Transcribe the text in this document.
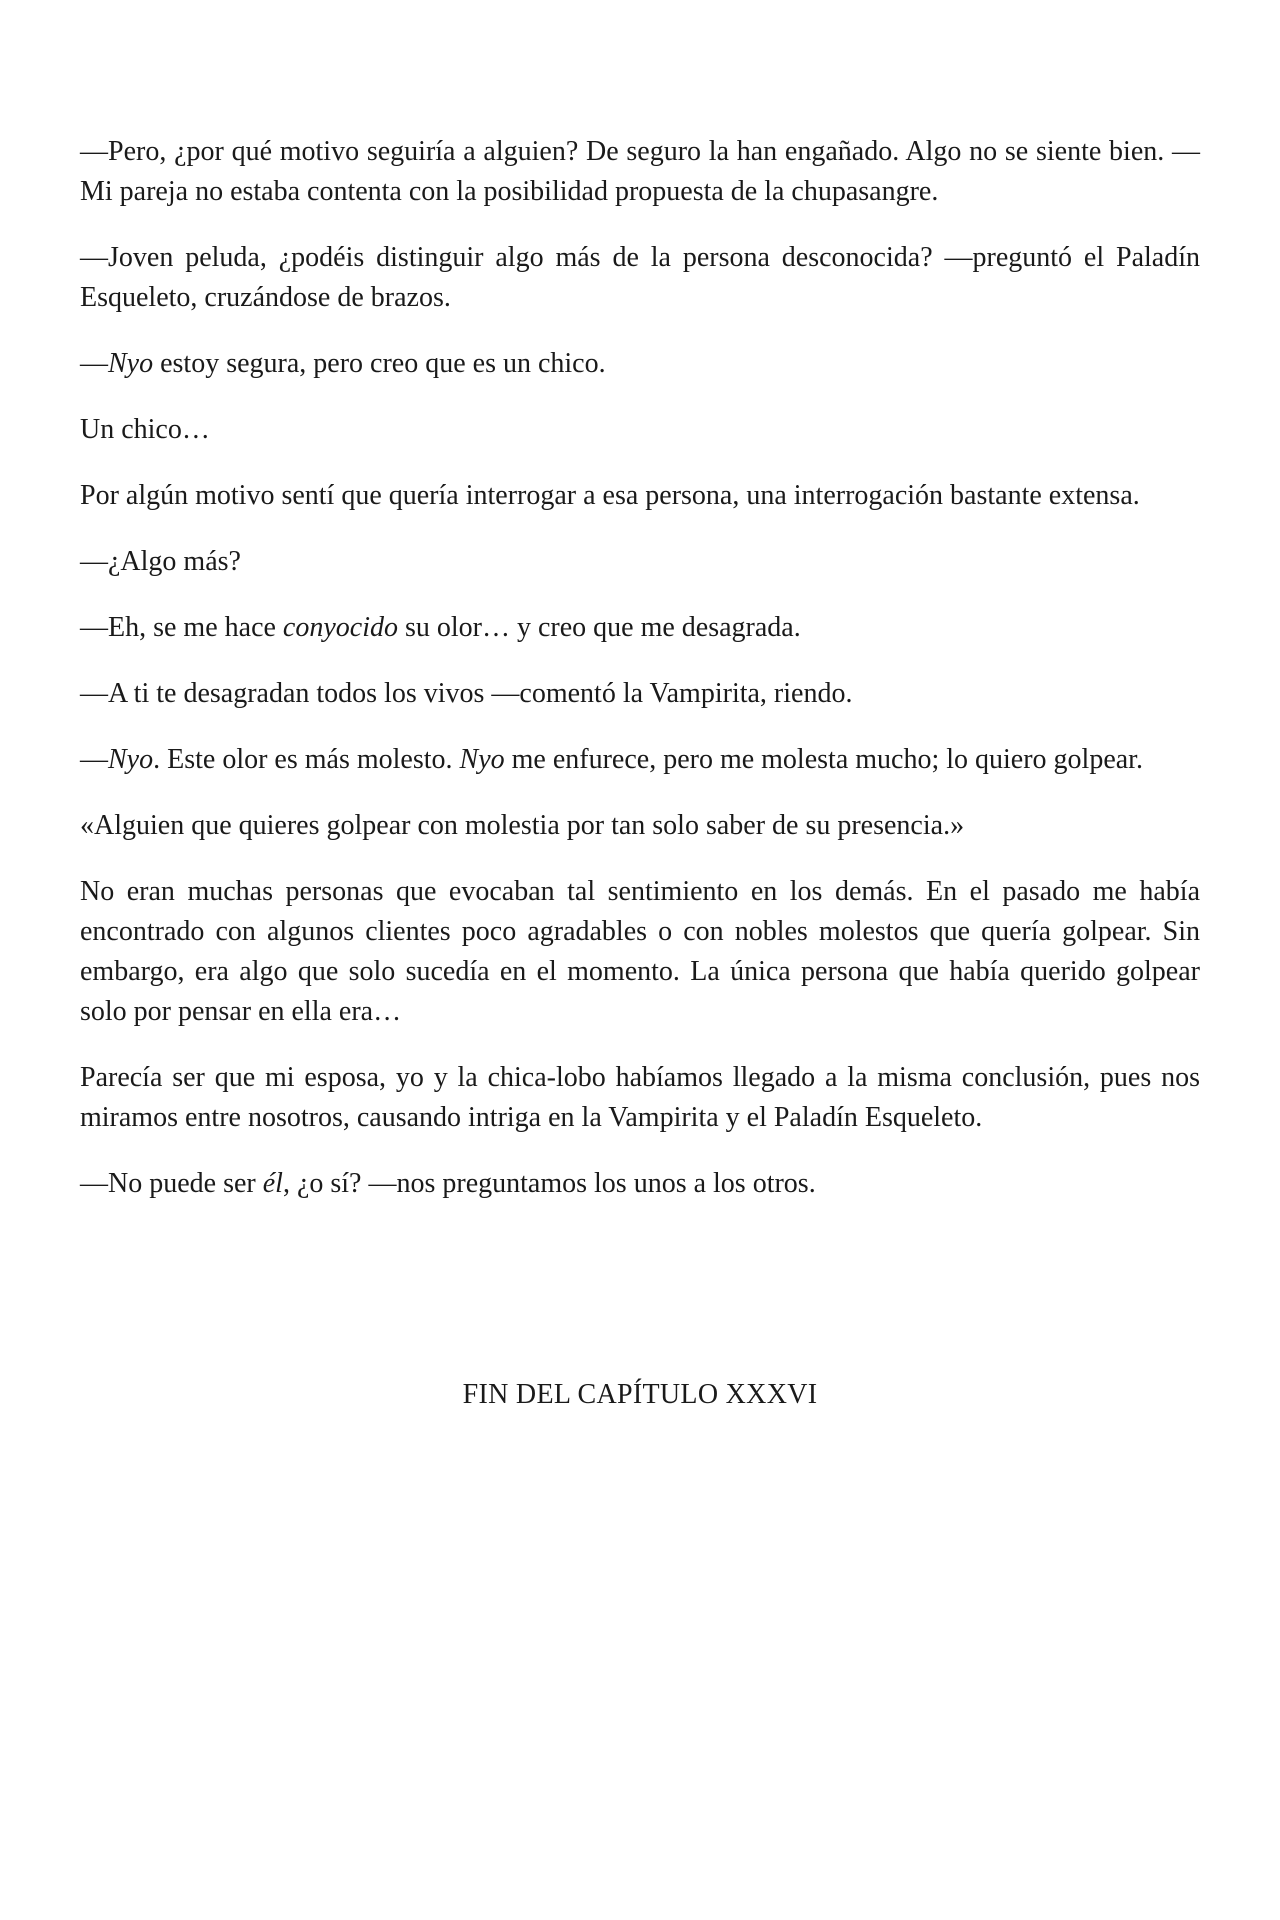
—Pero, ¿por qué motivo seguiría a alguien? De seguro la han engañado. Algo no se siente bien. —Mi pareja no estaba contenta con la posibilidad propuesta de la chupasangre.

—Joven peluda, ¿podéis distinguir algo más de la persona desconocida? —preguntó el Paladín Esqueleto, cruzándose de brazos.

—Nyo estoy segura, pero creo que es un chico.

Un chico…

Por algún motivo sentí que quería interrogar a esa persona, una interrogación bastante extensa.

—¿Algo más?

—Eh, se me hace conyocido su olor… y creo que me desagrada.

—A ti te desagradan todos los vivos —comentó la Vampirita, riendo.

—Nyo. Este olor es más molesto. Nyo me enfurece, pero me molesta mucho; lo quiero golpear.

«Alguien que quieres golpear con molestia por tan solo saber de su presencia.»

No eran muchas personas que evocaban tal sentimiento en los demás. En el pasado me había encontrado con algunos clientes poco agradables o con nobles molestos que quería golpear. Sin embargo, era algo que solo sucedía en el momento. La única persona que había querido golpear solo por pensar en ella era…

Parecía ser que mi esposa, yo y la chica-lobo habíamos llegado a la misma conclusión, pues nos miramos entre nosotros, causando intriga en la Vampirita y el Paladín Esqueleto.

—No puede ser él, ¿o sí? —nos preguntamos los unos a los otros.

FIN DEL CAPÍTULO XXXVI
